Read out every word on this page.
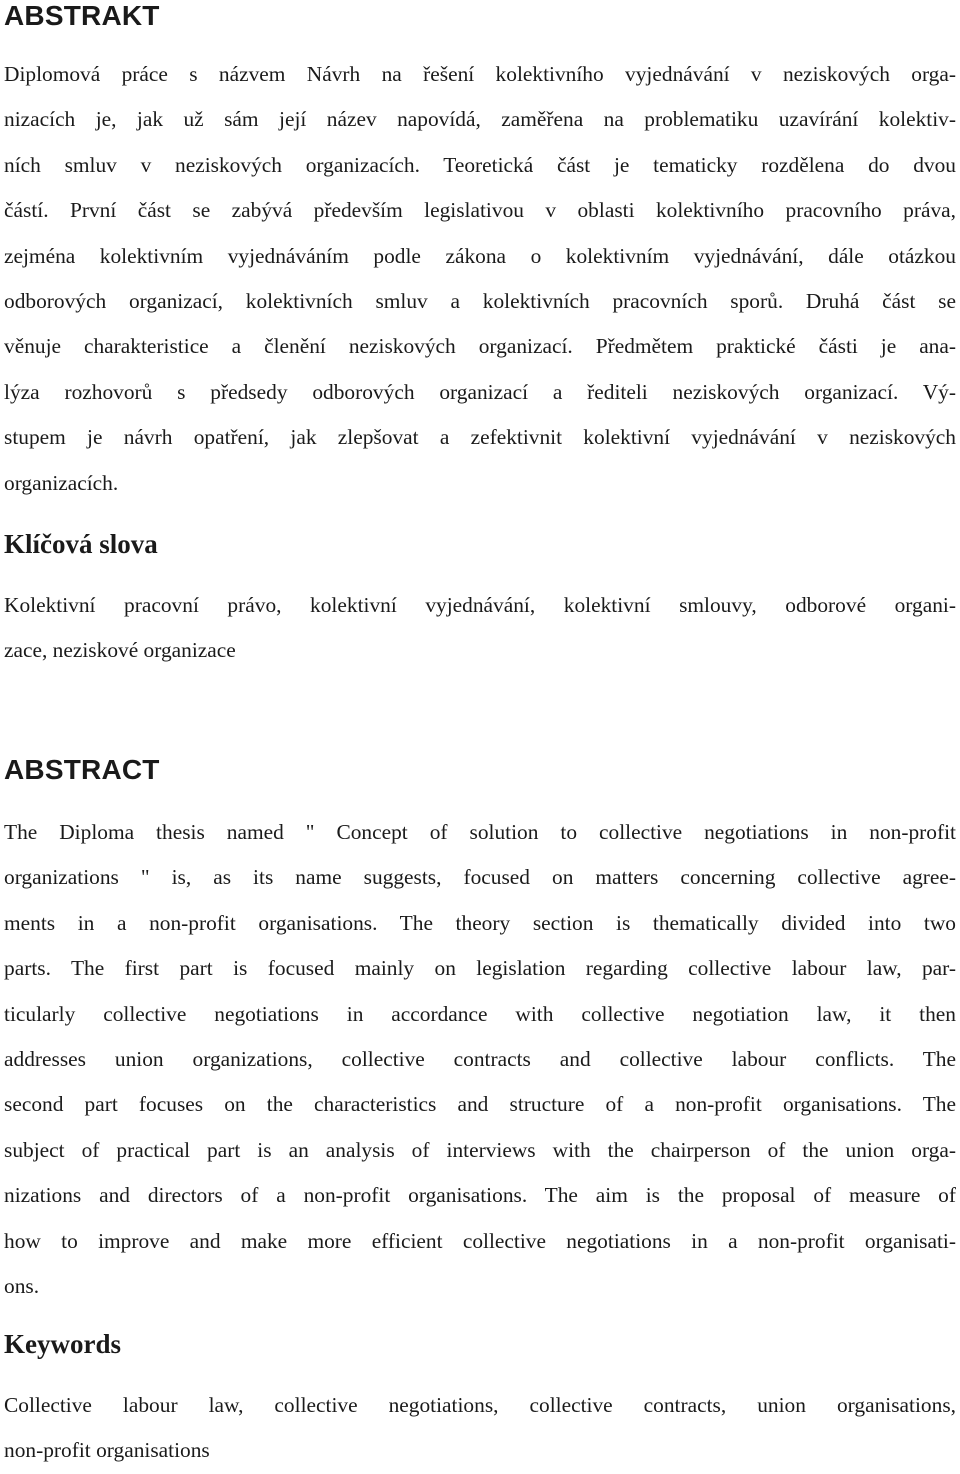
ABSTRAKT
Diplomová práce s názvem Návrh na řešení kolektivního vyjednávání v neziskových orga-
nizacích je, jak už sám její název napovídá, zaměřena na problematiku uzavírání kolektiv-
ních smluv v neziskových organizacích. Teoretická část je tematicky rozdělena do dvou
částí. První část se zabývá především legislativou v oblasti kolektivního pracovního práva,
zejména kolektivním vyjednáváním podle zákona o kolektivním vyjednávání, dále otázkou
odborových organizací, kolektivních smluv a kolektivních pracovních sporů. Druhá část se
věnuje charakteristice a členění neziskových organizací. Předmětem praktické části je ana-
lýza rozhovorů s předsedy odborových organizací a řediteli neziskových organizací. Vý-
stupem je návrh opatření, jak zlepšovat a zefektivnit kolektivní vyjednávání v neziskových
organizacích.
Klíčová slova
Kolektivní pracovní právo, kolektivní vyjednávání, kolektivní smlouvy, odborové organi-
zace, neziskové organizace
ABSTRACT
The Diploma thesis named " Concept of solution to collective negotiations in non-profit
organizations " is, as its name suggests, focused on matters concerning collective agree-
ments in a non-profit organisations. The theory section is thematically divided into two
parts. The first part is focused mainly on legislation regarding collective labour law, par-
ticularly collective negotiations in accordance with collective negotiation law, it then
addresses union organizations, collective contracts and collective labour conflicts. The
second part focuses on the characteristics and structure of a non-profit organisations. The
subject of practical part is an analysis of interviews with the chairperson of the union orga-
nizations and directors of a non-profit organisations. The aim is the proposal of measure of
how to improve and make more efficient collective negotiations in a non-profit organisati-
ons.
Keywords
Collective labour law, collective negotiations, collective contracts, union organisations,
non-profit organisations
